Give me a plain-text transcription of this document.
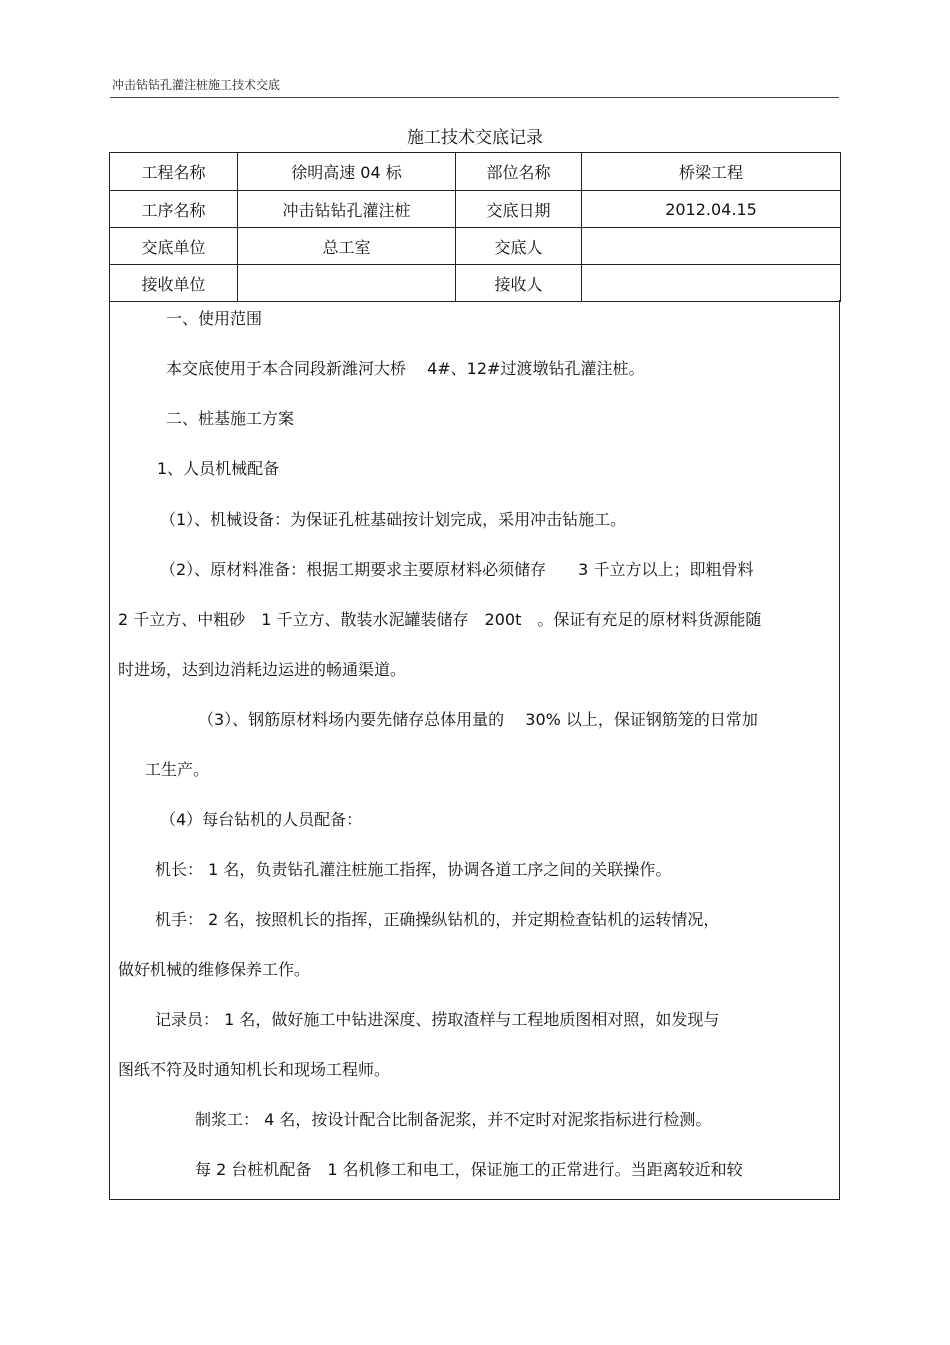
冲击钻钻孔灌注桩施工技术交底
施工技术交底记录
工程名称	徐明高速 04 标	部位名称	桥梁工程
工序名称	冲击钻钻孔灌注桩	交底日期	2012.04.15
交底单位	总工室	交底人	
接收单位		接收人	
一、使用范围
本交底使用于本合同段新潍河大桥　 4#、12#过渡墩钻孔灌注桩。
二、桩基施工方案
1、人员机械配备
（1）、机械设备：为保证孔桩基础按计划完成，采用冲击钻施工。
（2）、原材料准备：根据工期要求主要原材料必须储存　　3 千立方以上；即粗骨料
2 千立方、中粗砂　1 千立方、散装水泥罐装储存　200t　。保证有充足的原材料货源能随
时进场，达到边消耗边运进的畅通渠道。
（3）、钢筋原材料场内要先储存总体用量的　 30% 以上，保证钢筋笼的日常加
工生产。
（4）每台钻机的人员配备：
机长： 1 名，负责钻孔灌注桩施工指挥，协调各道工序之间的关联操作。
机手： 2 名，按照机长的指挥，正确操纵钻机的，并定期检查钻机的运转情况，
做好机械的维修保养工作。
记录员： 1 名，做好施工中钻进深度、捞取渣样与工程地质图相对照，如发现与
图纸不符及时通知机长和现场工程师。
制浆工： 4 名，按设计配合比制备泥浆，并不定时对泥浆指标进行检测。
每 2 台桩机配备　1 名机修工和电工，保证施工的正常进行。当距离较近和较
